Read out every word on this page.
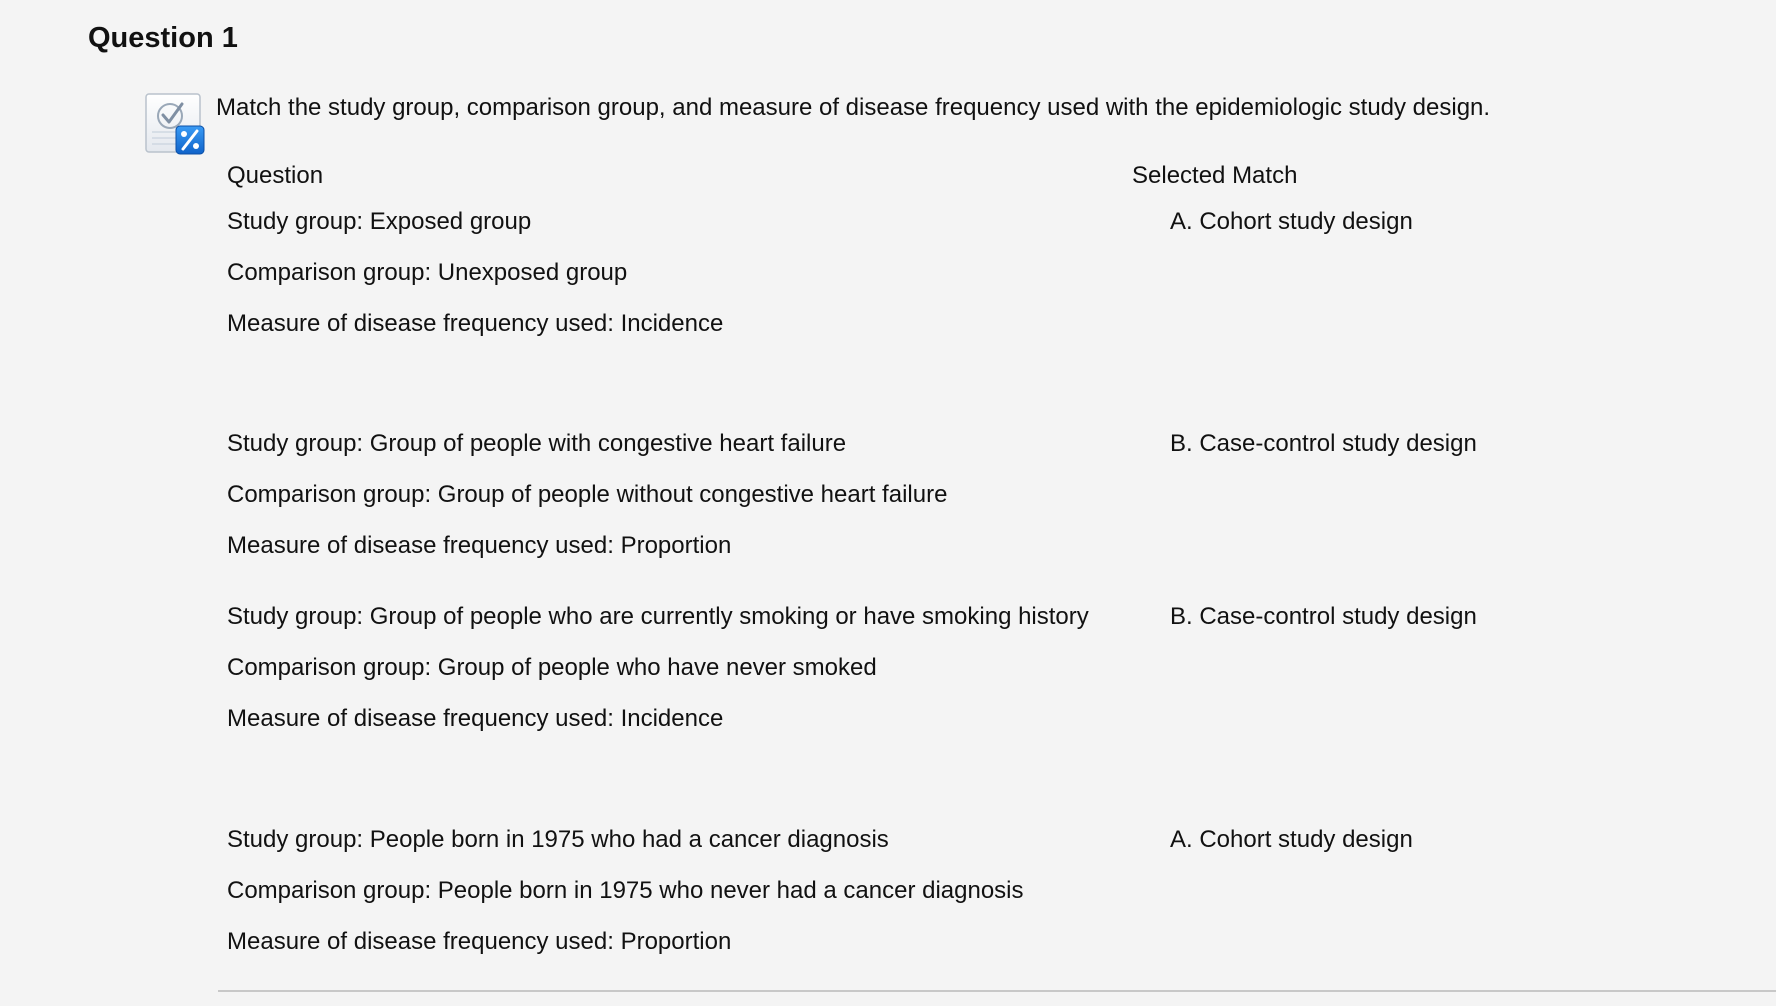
Question 1

Match the study group, comparison group, and measure of disease frequency used with the epidemiologic study design.

Question	Selected Match
Study group: Exposed group
Comparison group: Unexposed group
Measure of disease frequency used: Incidence
A. Cohort study design
Study group: Group of people with congestive heart failure
Comparison group: Group of people without congestive heart failure
Measure of disease frequency used: Proportion
B. Case-control study design
Study group: Group of people who are currently smoking or have smoking history
Comparison group: Group of people who have never smoked
Measure of disease frequency used: Incidence
B. Case-control study design
Study group: People born in 1975 who had a cancer diagnosis
Comparison group: People born in 1975 who never had a cancer diagnosis
Measure of disease frequency used: Proportion
A. Cohort study design
